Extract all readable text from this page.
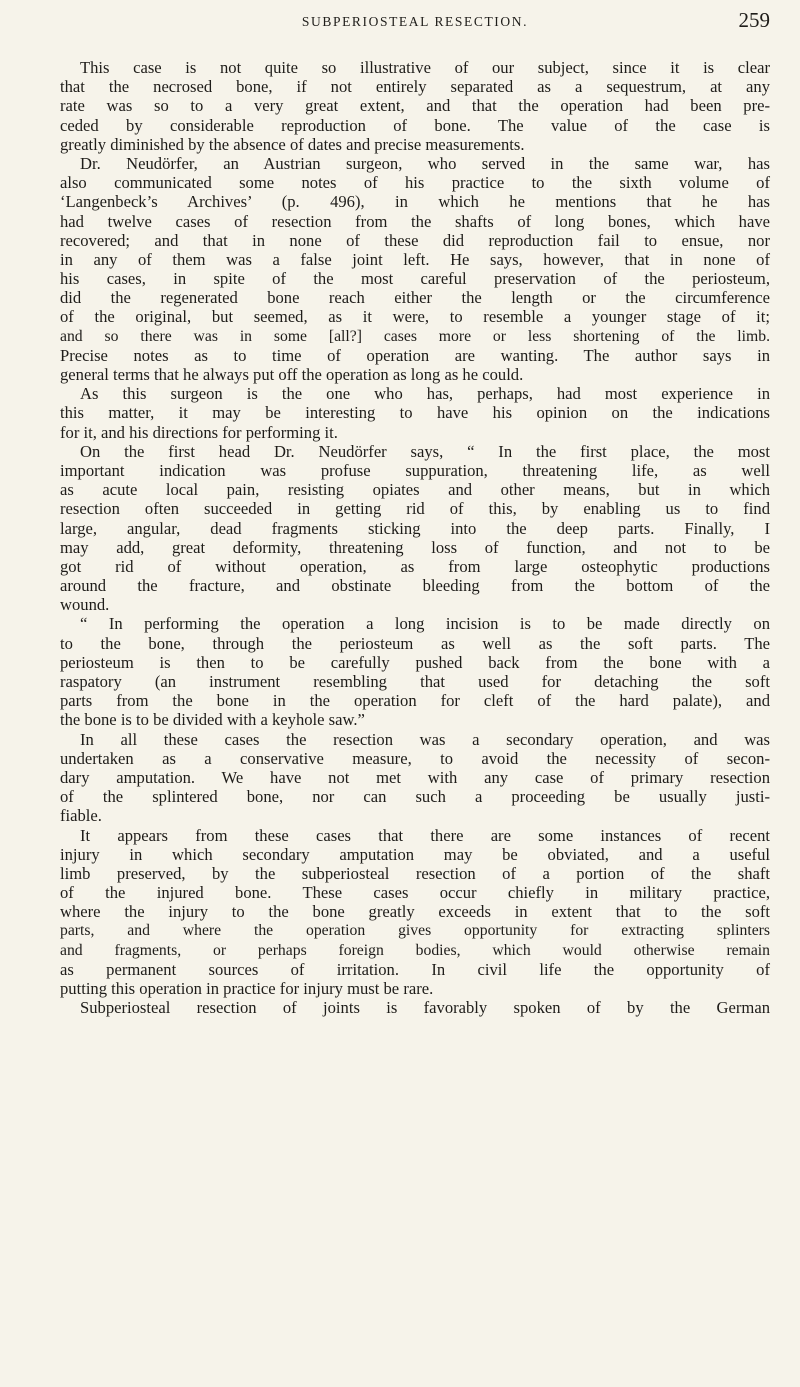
SUBPERIOSTEAL RESECTION.	259
This case is not quite so illustrative of our subject, since it is clear
that the necrosed bone, if not entirely separated as a sequestrum, at any
rate was so to a very great extent, and that the operation had been pre-
ceded by considerable reproduction of bone. The value of the case is
greatly diminished by the absence of dates and precise measurements.
Dr. Neudörfer, an Austrian surgeon, who served in the same war, has
also communicated some notes of his practice to the sixth volume of
‘Langenbeck’s Archives’ (p. 496), in which he mentions that he has
had twelve cases of resection from the shafts of long bones, which have
recovered; and that in none of these did reproduction fail to ensue, nor
in any of them was a false joint left. He says, however, that in none of
his cases, in spite of the most careful preservation of the periosteum,
did the regenerated bone reach either the length or the circumference
of the original, but seemed, as it were, to resemble a younger stage of it;
and so there was in some [all?] cases more or less shortening of the limb.
Precise notes as to time of operation are wanting. The author says in
general terms that he always put off the operation as long as he could.
As this surgeon is the one who has, perhaps, had most experience in
this matter, it may be interesting to have his opinion on the indications
for it, and his directions for performing it.
On the first head Dr. Neudörfer says, “ In the first place, the most
important indication was profuse suppuration, threatening life, as well
as acute local pain, resisting opiates and other means, but in which
resection often succeeded in getting rid of this, by enabling us to find
large, angular, dead fragments sticking into the deep parts. Finally, I
may add, great deformity, threatening loss of function, and not to be
got rid of without operation, as from large osteophytic productions
around the fracture, and obstinate bleeding from the bottom of the
wound.
“ In performing the operation a long incision is to be made directly on
to the bone, through the periosteum as well as the soft parts. The
periosteum is then to be carefully pushed back from the bone with a
raspatory (an instrument resembling that used for detaching the soft
parts from the bone in the operation for cleft of the hard palate), and
the bone is to be divided with a keyhole saw.”
In all these cases the resection was a secondary operation, and was
undertaken as a conservative measure, to avoid the necessity of secon-
dary amputation. We have not met with any case of primary resection
of the splintered bone, nor can such a proceeding be usually justi-
fiable.
It appears from these cases that there are some instances of recent
injury in which secondary amputation may be obviated, and a useful
limb preserved, by the subperiosteal resection of a portion of the shaft
of the injured bone. These cases occur chiefly in military practice,
where the injury to the bone greatly exceeds in extent that to the soft
parts, and where the operation gives opportunity for extracting splinters
and fragments, or perhaps foreign bodies, which would otherwise remain
as permanent sources of irritation. In civil life the opportunity of
putting this operation in practice for injury must be rare.
Subperiosteal resection of joints is favorably spoken of by the German
